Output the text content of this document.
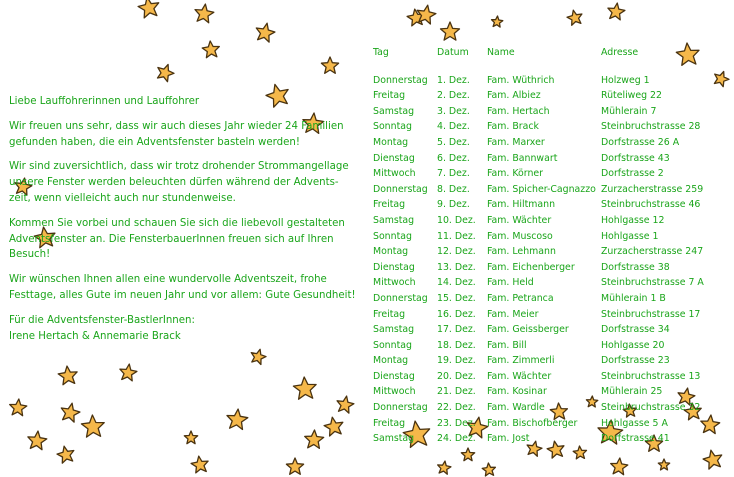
Liebe Lauffohrerinnen und Lauffohrer

Wir freuen uns sehr, dass wir auch dieses Jahr wieder 24 Familien
gefunden haben, die ein Adventsfenster basteln werden!

Wir sind zuversichtlich, dass wir trotz drohender Strommangellage
unsere Fenster werden beleuchten dürfen während der Advents-
zeit, wenn vielleicht auch nur stundenweise.

Kommen Sie vorbei und schauen Sie sich die liebevoll gestalteten
Adventsfenster an. Die FensterbauerInnen freuen sich auf Ihren
Besuch!

Wir wünschen Ihnen allen eine wundervolle Adventszeit, frohe
Festtage, alles Gute im neuen Jahr und vor allem: Gute Gesundheit!

Für die Adventsfenster-BastlerInnen:
Irene Hertach & Annemarie Brack

Tag	Datum	Name	Adresse
Donnerstag 1. Dez.	Fam. Wüthrich	Holzweg 1
Freitag	2. Dez.	Fam. Albiez	Rüteliweg 22
Samstag	3. Dez.	Fam. Hertach	Mühlerain 7
Sonntag	4. Dez.	Fam. Brack	Steinbruchstrasse 28
Montag	5. Dez.	Fam. Marxer	Dorfstrasse 26 A
Dienstag	6. Dez.	Fam. Bannwart	Dorfstrasse 43
Mittwoch	7. Dez.	Fam. Körner	Dorfstrasse 2
Donnerstag 8. Dez.	Fam. Spicher-Cagnazzo Zurzacherstrasse 259
Freitag	9. Dez.	Fam. Hiltmann	Steinbruchstrasse 46
Samstag	10. Dez.	Fam. Wächter	Hohlgasse 12
Sonntag	11. Dez.	Fam. Muscoso	Hohlgasse 1
Montag	12. Dez.	Fam. Lehmann	Zurzacherstrasse 247
Dienstag	13. Dez.	Fam. Eichenberger	Dorfstrasse 38
Mittwoch	14. Dez.	Fam. Held	Steinbruchstrasse 7 A
Donnerstag 15. Dez.	Fam. Petranca	Mühlerain 1 B
Freitag	16. Dez.	Fam. Meier	Steinbruchstrasse 17
Samstag	17. Dez.	Fam. Geissberger	Dorfstrasse 34
Sonntag	18. Dez.	Fam. Bill	Hohlgasse 20
Montag	19. Dez.	Fam. Zimmerli	Dorfstrasse 23
Dienstag	20. Dez.	Fam. Wächter	Steinbruchstrasse 13
Mittwoch	21. Dez.	Fam. Kosinar	Mühlerain 25
Donnerstag 22. Dez.	Fam. Wardle	Steinbruchstrasse 32
Freitag	23. Dez.	Fam. Bischofberger	Hohlgasse 5 A
Samstag	24. Dez.	Fam. Jost	Dorfstrasse 41
